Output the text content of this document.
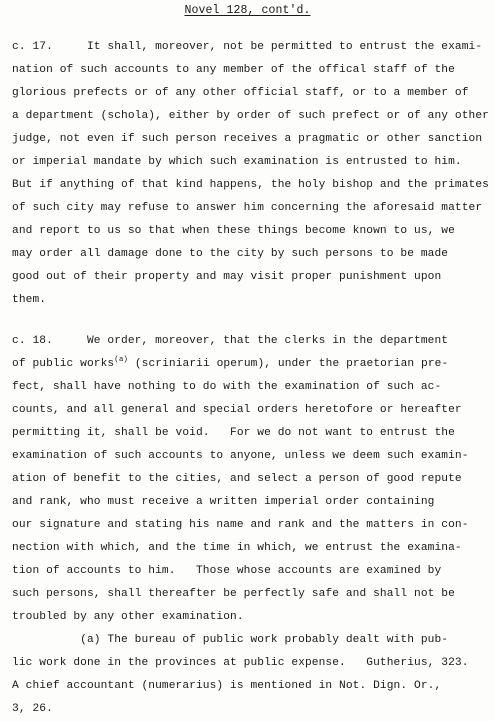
Novel 128, cont'd.
c. 17.     It shall, moreover, not be permitted to entrust the exami-
nation of such accounts to any member of the offical staff of the
glorious prefects or of any other official staff, or to a member of
a department (schola), either by order of such prefect or of any other
judge, not even if such person receives a pragmatic or other sanction
or imperial mandate by which such examination is entrusted to him.
But if anything of that kind happens, the holy bishop and the primates
of such city may refuse to answer him concerning the aforesaid matter
and report to us so that when these things become known to us, we
may order all damage done to the city by such persons to be made
good out of their property and may visit proper punishment upon
them.
c. 18.     We order, moreover, that the clerks in the department
of public works$^{(a)}$ (scriniarii operum), under the praetorian pre-
fect, shall have nothing to do with the examination of such ac-
counts, and all general and special orders heretofore or hereafter
permitting it, shall be void.   For we do not want to entrust the
examination of such accounts to anyone, unless we deem such examin-
ation of benefit to the cities, and select a person of good repute
and rank, who must receive a written imperial order containing
our signature and stating his name and rank and the matters in con-
nection with which, and the time in which, we entrust the examina-
tion of accounts to him.   Those whose accounts are examined by
such persons, shall thereafter be perfectly safe and shall not be
troubled by any other examination.
(a) The bureau of public work probably dealt with pub-
lic work done in the provinces at public expense.   Gutherius, 323.
A chief accountant (numerarius) is mentioned in Not. Dign. Or.,
3, 26.
